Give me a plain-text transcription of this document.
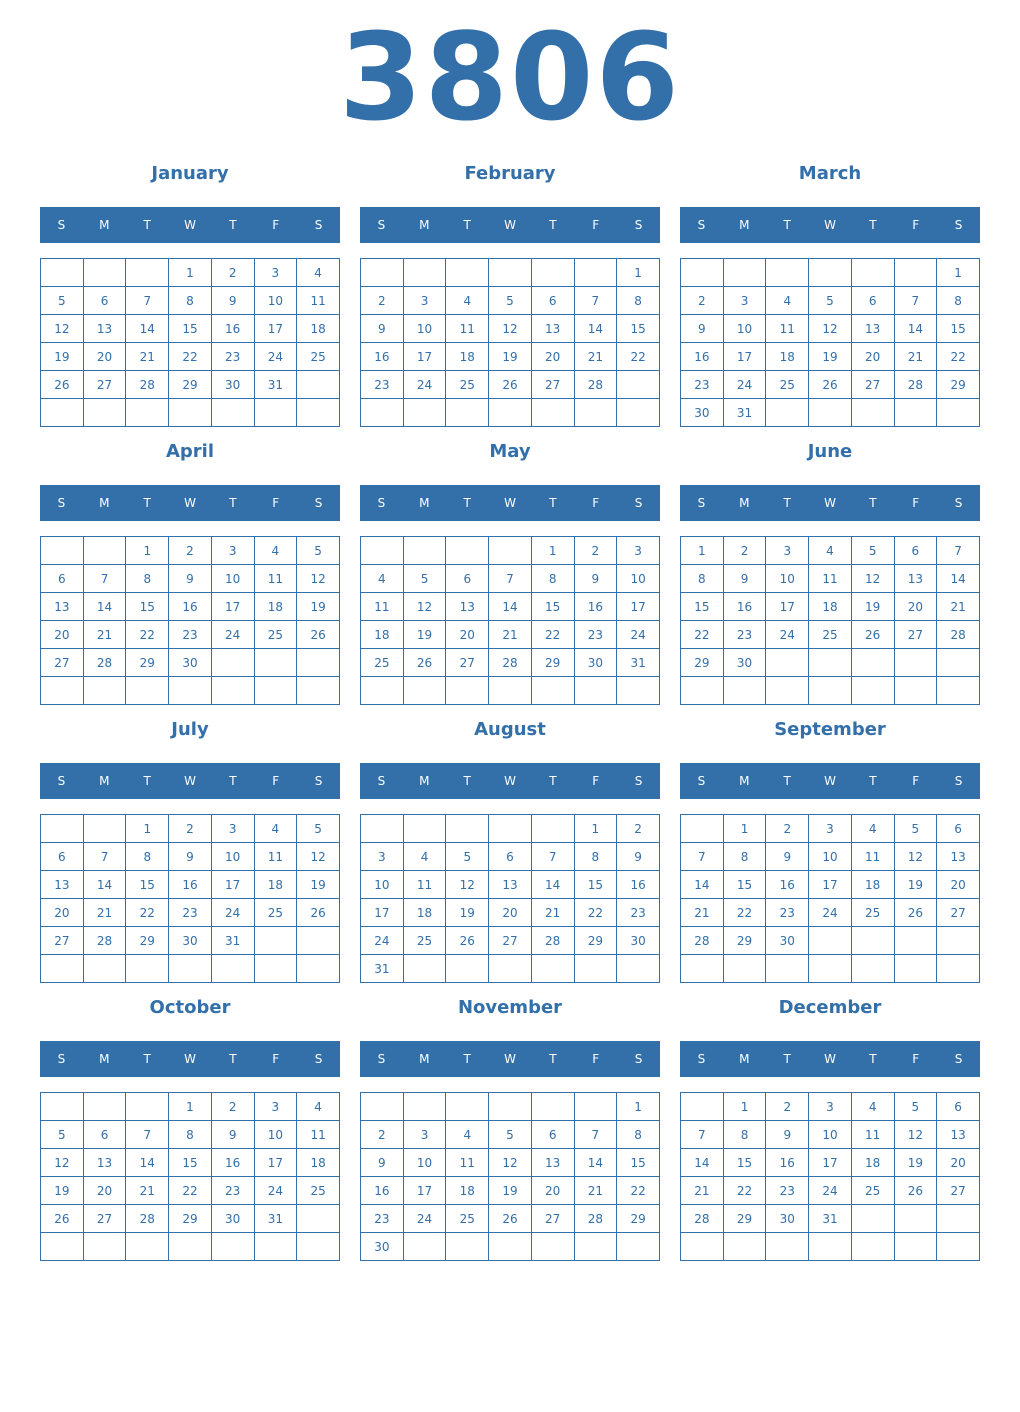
3806
January
S	M	T	W	T	F	S
			1	2	3	4
5	6	7	8	9	10	11
12	13	14	15	16	17	18
19	20	21	22	23	24	25
26	27	28	29	30	31	

February
S	M	T	W	T	F	S
						1
2	3	4	5	6	7	8
9	10	11	12	13	14	15
16	17	18	19	20	21	22
23	24	25	26	27	28	

March
S	M	T	W	T	F	S
						1
2	3	4	5	6	7	8
9	10	11	12	13	14	15
16	17	18	19	20	21	22
23	24	25	26	27	28	29
30	31					
April
S	M	T	W	T	F	S
		1	2	3	4	5
6	7	8	9	10	11	12
13	14	15	16	17	18	19
20	21	22	23	24	25	26
27	28	29	30			

May
S	M	T	W	T	F	S
				1	2	3
4	5	6	7	8	9	10
11	12	13	14	15	16	17
18	19	20	21	22	23	24
25	26	27	28	29	30	31

June
S	M	T	W	T	F	S
1	2	3	4	5	6	7
8	9	10	11	12	13	14
15	16	17	18	19	20	21
22	23	24	25	26	27	28
29	30					

July
S	M	T	W	T	F	S
		1	2	3	4	5
6	7	8	9	10	11	12
13	14	15	16	17	18	19
20	21	22	23	24	25	26
27	28	29	30	31		

August
S	M	T	W	T	F	S
					1	2
3	4	5	6	7	8	9
10	11	12	13	14	15	16
17	18	19	20	21	22	23
24	25	26	27	28	29	30
31						
September
S	M	T	W	T	F	S
	1	2	3	4	5	6
7	8	9	10	11	12	13
14	15	16	17	18	19	20
21	22	23	24	25	26	27
28	29	30				

October
S	M	T	W	T	F	S
			1	2	3	4
5	6	7	8	9	10	11
12	13	14	15	16	17	18
19	20	21	22	23	24	25
26	27	28	29	30	31	

November
S	M	T	W	T	F	S
						1
2	3	4	5	6	7	8
9	10	11	12	13	14	15
16	17	18	19	20	21	22
23	24	25	26	27	28	29
30						
December
S	M	T	W	T	F	S
	1	2	3	4	5	6
7	8	9	10	11	12	13
14	15	16	17	18	19	20
21	22	23	24	25	26	27
28	29	30	31			
